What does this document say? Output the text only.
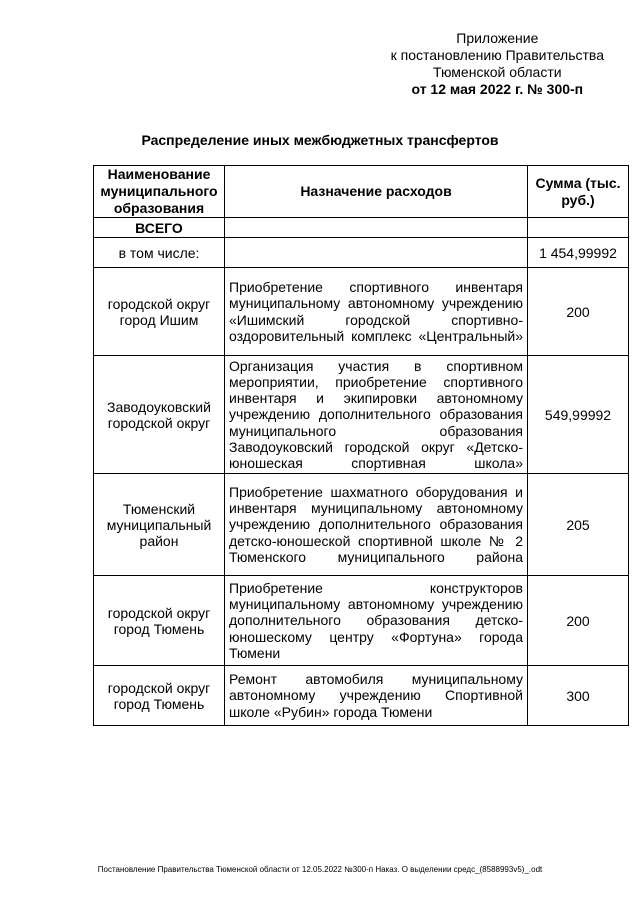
Приложение
к постановлению Правительства
Тюменской области
от 12 мая 2022 г. № 300-п
Распределение иных межбюджетных трансфертов
Наименование муниципального образования	Назначение расходов	Сумма (тыс. руб.)
ВСЕГО		
в том числе:		1 454,99992
городской округ город Ишим	Приобретение спортивного инвентаря муниципальному автономному учреждению «Ишимский городской спортивно-оздоровительный комплекс «Центральный»	200
Заводоуковский городской округ	Организация участия в спортивном мероприятии, приобретение спортивного инвентаря и экипировки автономному учреждению дополнительного образования муниципального образования Заводоуковский городской округ «Детско-юношеская спортивная школа»	549,99992
Тюменский муниципальный район	Приобретение шахматного оборудования и инвентаря муниципальному автономному учреждению дополнительного образования детско-юношеской спортивной школе № 2 Тюменского муниципального района	205
городской округ город Тюмень	Приобретение конструкторов муниципальному автономному учреждению дополнительного образования детско-юношескому центру «Фортуна» города Тюмени	200
городской округ город Тюмень	Ремонт автомобиля муниципальному автономному учреждению Спортивной школе «Рубин» города Тюмени	300
Постановление Правительства Тюменской области от 12.05.2022 №300-п Наказ. О выделении средс_(8588993v5)_.odt
